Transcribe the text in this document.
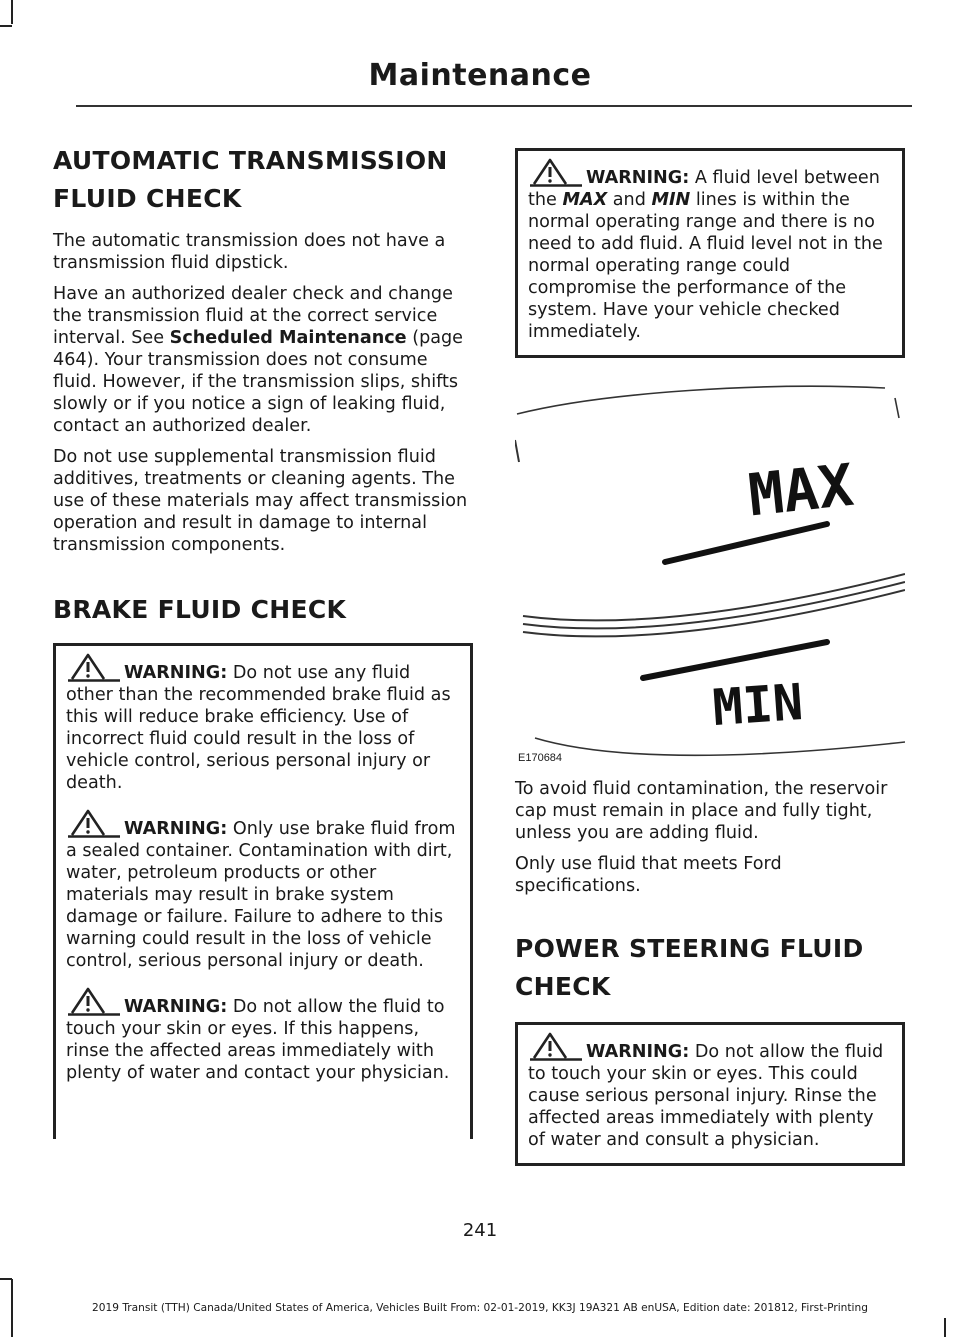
Maintenance
AUTOMATIC TRANSMISSION
FLUID CHECK

The automatic transmission does not have a transmission fluid dipstick.

Have an authorized dealer check and change the transmission fluid at the correct service interval. See Scheduled Maintenance (page 464). Your transmission does not consume fluid. However, if the transmission slips, shifts slowly or if you notice a sign of leaking fluid, contact an authorized dealer.

Do not use supplemental transmission fluid additives, treatments or cleaning agents. The use of these materials may affect transmission operation and result in damage to internal transmission components.

BRAKE FLUID CHECK
WARNING: Do not use any fluid other than the recommended brake fluid as this will reduce brake efficiency. Use of incorrect fluid could result in the loss of vehicle control, serious personal injury or death.
WARNING: Only use brake fluid from a sealed container. Contamination with dirt, water, petroleum products or other materials may result in brake system damage or failure. Failure to adhere to this warning could result in the loss of vehicle control, serious personal injury or death.
WARNING: Do not allow the fluid to touch your skin or eyes. If this happens, rinse the affected areas immediately with plenty of water and contact your physician.
WARNING: A fluid level between the MAX and MIN lines is within the normal operating range and there is no need to add fluid. A fluid level not in the normal operating range could compromise the performance of the system. Have your vehicle checked immediately.
MAX
MIN
E170684

To avoid fluid contamination, the reservoir cap must remain in place and fully tight, unless you are adding fluid.

Only use fluid that meets Ford specifications.

POWER STEERING FLUID
CHECK
WARNING: Do not allow the fluid to touch your skin or eyes. This could cause serious personal injury. Rinse the affected areas immediately with plenty of water and consult a physician.
241
2019 Transit (TTH) Canada/United States of America, Vehicles Built From: 02-01-2019, KK3J 19A321 AB enUSA, Edition date: 201812, First-Printing
